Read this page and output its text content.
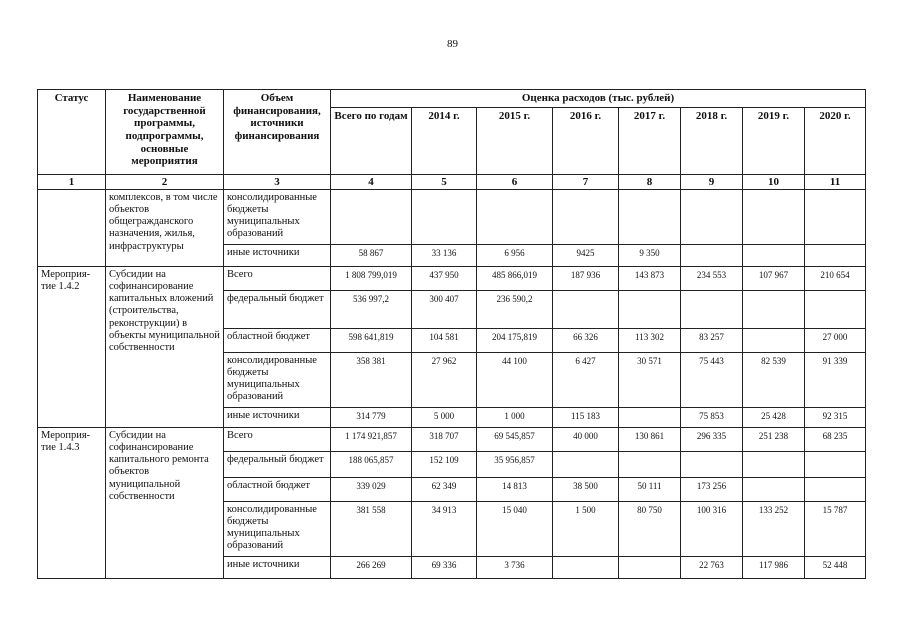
89
Статус	Наименование государственной программы, подпрограммы, основные мероприятия	Объем финансирования, источники финансирования	Оценка расходов (тыс. рублей)							
			Всего по годам	2014 г.	2015 г.	2016 г.	2017 г.	2018 г.	2019 г.	2020 г.
1	2	3	4	5	6	7	8	9	10	11
	комплексов, в том числе объектов общегражданского назначения, жилья, инфраструктуры	консолидированные бюджеты муниципальных образований								
		иные источники	58 867	33 136	6 956	9425	9 350			
Мероприя-тие 1.4.2	Субсидии на софинансирование капитальных вложений (строительства, реконструкции) в объекты муниципальной собственности	Всего	1 808 799,019	437 950	485 866,019	187 936	143 873	234 553	107 967	210 654
		федеральный бюджет	536 997,2	300 407	236 590,2					
		областной бюджет	598 641,819	104 581	204 175,819	66 326	113 302	83 257		27 000
		консолидированные бюджеты муниципальных образований	358 381	27 962	44 100	6 427	30 571	75 443	82 539	91 339
		иные источники	314 779	5 000	1 000	115 183		75 853	25 428	92 315
Мероприя-тие 1.4.3	Субсидии на софинансирование капитального ремонта объектов муниципальной собственности	Всего	1 174 921,857	318 707	69 545,857	40 000	130 861	296 335	251 238	68 235
		федеральный бюджет	188 065,857	152 109	35 956,857					
		областной бюджет	339 029	62 349	14 813	38 500	50 111	173 256		
		консолидированные бюджеты муниципальных образований	381 558	34 913	15 040	1 500	80 750	100 316	133 252	15 787
		иные источники	266 269	69 336	3 736			22 763	117 986	52 448
